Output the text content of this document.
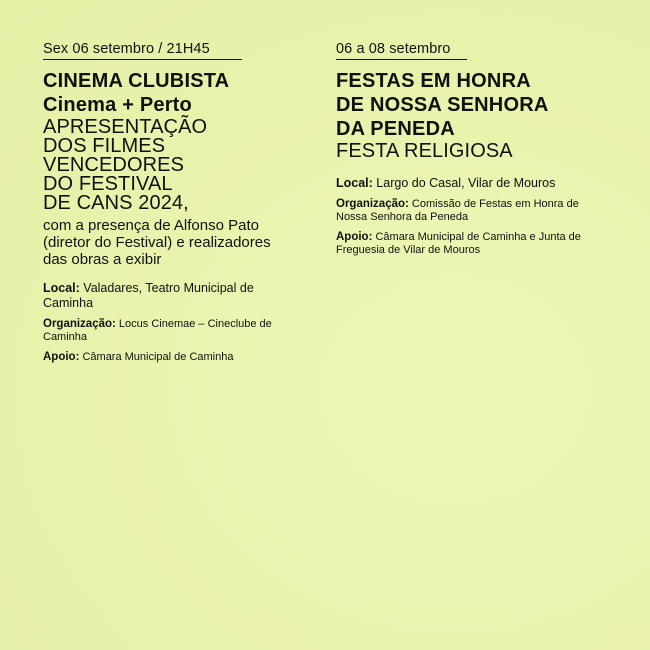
Sex 06 setembro / 21H45
CINEMA CLUBISTA
Cinema + Perto
APRESENTAÇÃO
DOS FILMES
VENCEDORES
DO FESTIVAL
DE CANS 2024,
com a presença de Alfonso Pato
(diretor do Festival) e realizadores
das obras a exibir
Local: Valadares, Teatro Municipal de
Caminha
Organização: Locus Cinemae – Cineclube de
Caminha
Apoio: Câmara Municipal de Caminha
06 a 08 setembro
FESTAS EM HONRA
DE NOSSA SENHORA
DA PENEDA
FESTA RELIGIOSA
Local: Largo do Casal, Vilar de Mouros
Organização: Comissão de Festas em Honra de
Nossa Senhora da Peneda
Apoio: Câmara Municipal de Caminha e Junta de
Freguesia de Vilar de Mouros
